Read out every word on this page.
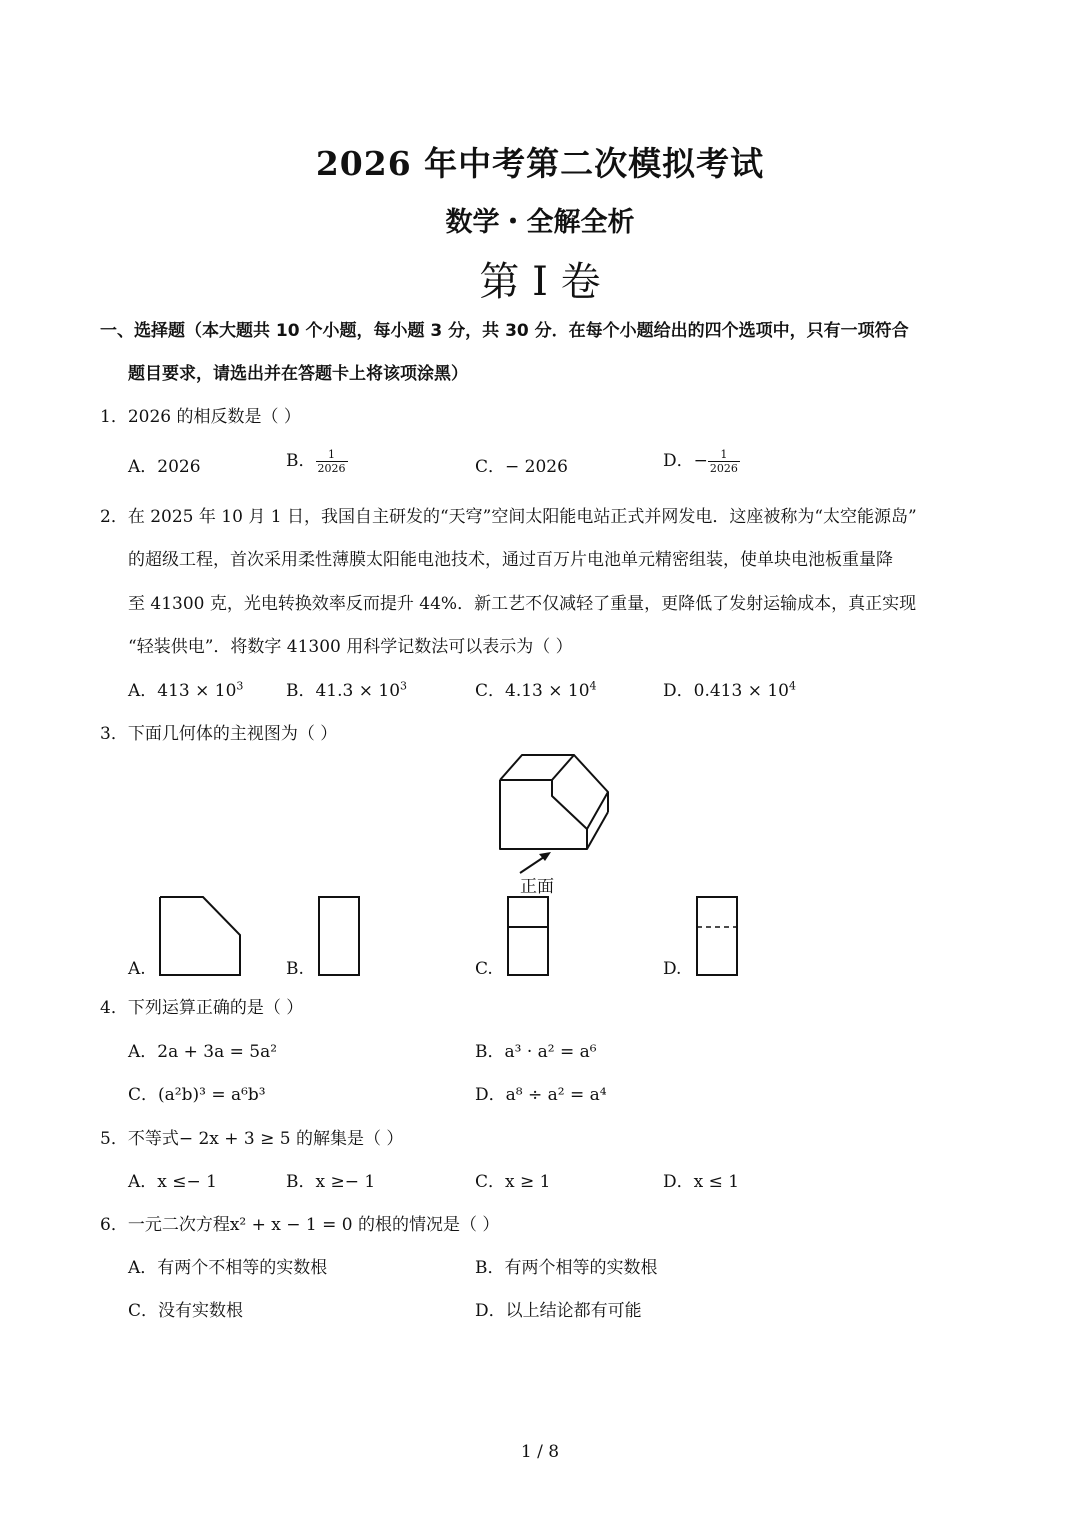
2026 年中考第二次模拟考试
数学・全解全析
第 I 卷
一、选择题（本大题共 10 个小题，每小题 3 分，共 30 分．在每个小题给出的四个选项中，只有一项符合
题目要求，请选出并在答题卡上将该项涂黑）
1．2026 的相反数是（ ）
A．2026	B． $\frac{1}{2026}$	C．− 2026	D．− $\frac{1}{2026}$
2．在 2025 年 10 月 1 日，我国自主研发的“天穹”空间太阳能电站正式并网发电．这座被称为“太空能源岛”
的超级工程，首次采用柔性薄膜太阳能电池技术，通过百万片电池单元精密组装，使单块电池板重量降
至 41300 克，光电转换效率反而提升 44%．新工艺不仅减轻了重量，更降低了发射运输成本，真正实现
“轻装供电”．将数字 41300 用科学记数法可以表示为（ ）
A．$413 \times 10^3$	B．$41.3 \times 10^3$	C．$4.13 \times 10^4$	D．$0.413 \times 10^4$
3．下面几何体的主视图为（ ）
正面
A.	B.	C.	D.
4．下列运算正确的是（ ）
A．2a + 3a = 5a²	B．a³ · a² = a⁶
C．(a²b)³ = a⁶b³	D．a⁸ ÷ a² = a⁴
5．不等式− 2x + 3 ≥ 5 的解集是（ ）
A．x ≤− 1	B．x ≥− 1	C．x ≥ 1	D．x ≤ 1
6．一元二次方程x² + x − 1 = 0 的根的情况是（ ）
A．有两个不相等的实数根	B．有两个相等的实数根
C．没有实数根	D．以上结论都有可能
1 / 8
